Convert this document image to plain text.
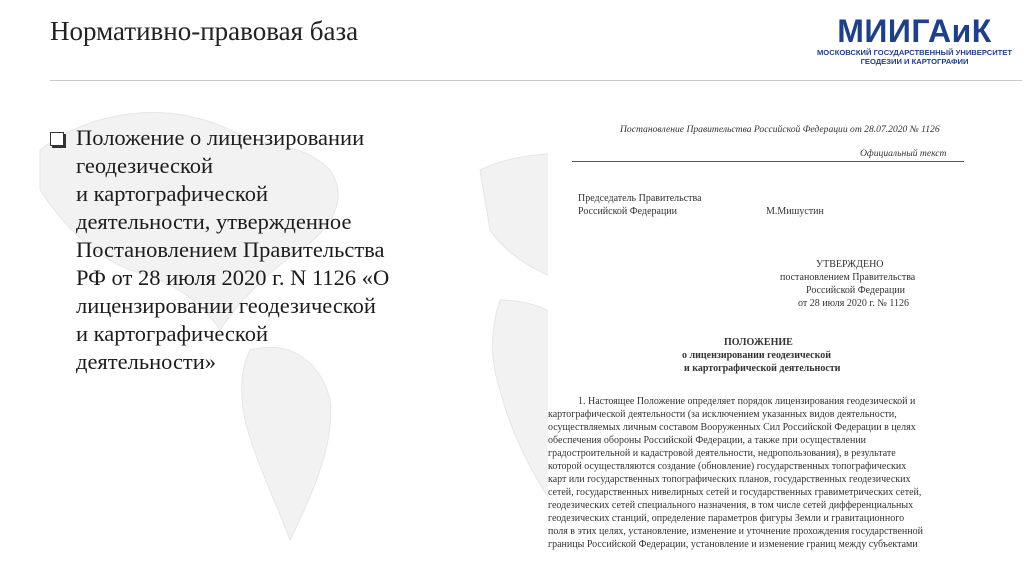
Нормативно-правовая база	МИИГАиК
МОСКОВСКИЙ ГОСУДАРСТВЕННЫЙ УНИВЕРСИТЕТ
ГЕОДЕЗИИ И КАРТОГРАФИИ
Положение о лицензировании
геодезической
и картографической
деятельности, утвержденное
Постановлением Правительства
РФ от 28 июля 2020 г. N 1126 «О
лицензировании геодезической
и картографической
деятельности»
Постановление Правительства Российской Федерации от 28.07.2020 № 1126
Официальный текст
Председатель Правительства
Российской Федерации	М.Мишустин
УТВЕРЖДЕНО
постановлением Правительства
Российской Федерации
от 28 июля 2020 г. № 1126
ПОЛОЖЕНИЕ
о лицензировании геодезической
и картографической деятельности
1. Настоящее Положение определяет порядок лицензирования геодезической и
картографической деятельности (за исключением указанных видов деятельности,
осуществляемых личным составом Вооруженных Сил Российской Федерации в целях
обеспечения обороны Российской Федерации, а также при осуществлении
градостроительной и кадастровой деятельности, недропользования), в результате
которой осуществляются создание (обновление) государственных топографических
карт или государственных топографических планов, государственных геодезических
сетей, государственных нивелирных сетей и государственных гравиметрических сетей,
геодезических сетей специального назначения, в том числе сетей дифференциальных
геодезических станций, определение параметров фигуры Земли и гравитационного
поля в этих целях, установление, изменение и уточнение прохождения государственной
границы Российской Федерации, установление и изменение границ между субъектами
